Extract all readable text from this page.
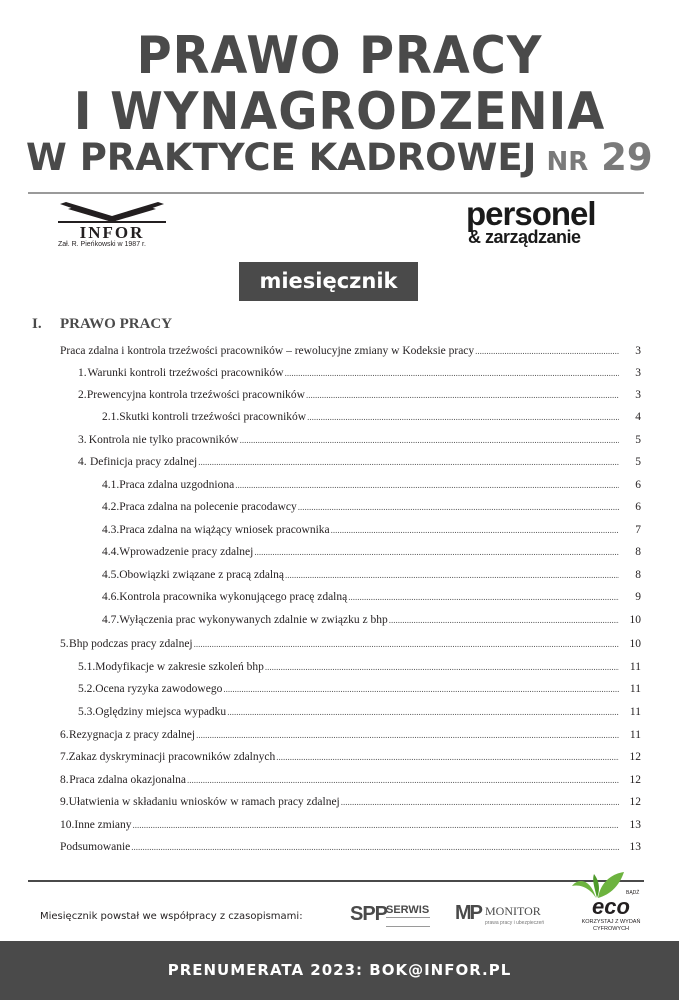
PRAWO PRACY
I WYNAGRODZENIA
W PRAKTYCE KADROWEJ NR 29
INFOR
Zał. R. Pieńkowski w 1987 r.
personel
& zarządzanie
miesięcznik
I. PRAWO PRACY
Praca zdalna i kontrola trzeźwości pracowników – rewolucyjne zmiany w Kodeksie pracy .....	3
1. Warunki kontroli trzeźwości pracowników .....	3
2. Prewencyjna kontrola trzeźwości pracowników .....	3
2.1. Skutki kontroli trzeźwości pracowników .....	4
3. Kontrola nie tylko pracowników .....	5
4. Definicja pracy zdalnej .....	5
4.1. Praca zdalna uzgodniona .....	6
4.2. Praca zdalna na polecenie pracodawcy .....	6
4.3. Praca zdalna na wiążący wniosek pracownika .....	7
4.4. Wprowadzenie pracy zdalnej .....	8
4.5. Obowiązki związane z pracą zdalną .....	8
4.6. Kontrola pracownika wykonującego pracę zdalną .....	9
4.7. Wyłączenia prac wykonywanych zdalnie w związku z bhp .....	10
5. Bhp podczas pracy zdalnej .....	10
5.1. Modyfikacje w zakresie szkoleń bhp .....	11
5.2. Ocena ryzyka zawodowego .....	11
5.3. Oględziny miejsca wypadku .....	11
6. Rezygnacja z pracy zdalnej .....	11
7. Zakaz dyskryminacji pracowników zdalnych .....	12
8. Praca zdalna okazjonalna .....	12
9. Ułatwienia w składaniu wniosków w ramach pracy zdalnej .....	12
10. Inne zmiany .....	13
Podsumowanie .....	13
Miesięcznik powstał we współpracy z czasopismami: SPP
SERWIS MP MONITOR
prawa pracy i ubezpieczeń
BĄDŹ
eco
KORZYSTAJ Z WYDAŃ CYFROWYCH
PRENUMERATA 2023: BOK@INFOR.PL
